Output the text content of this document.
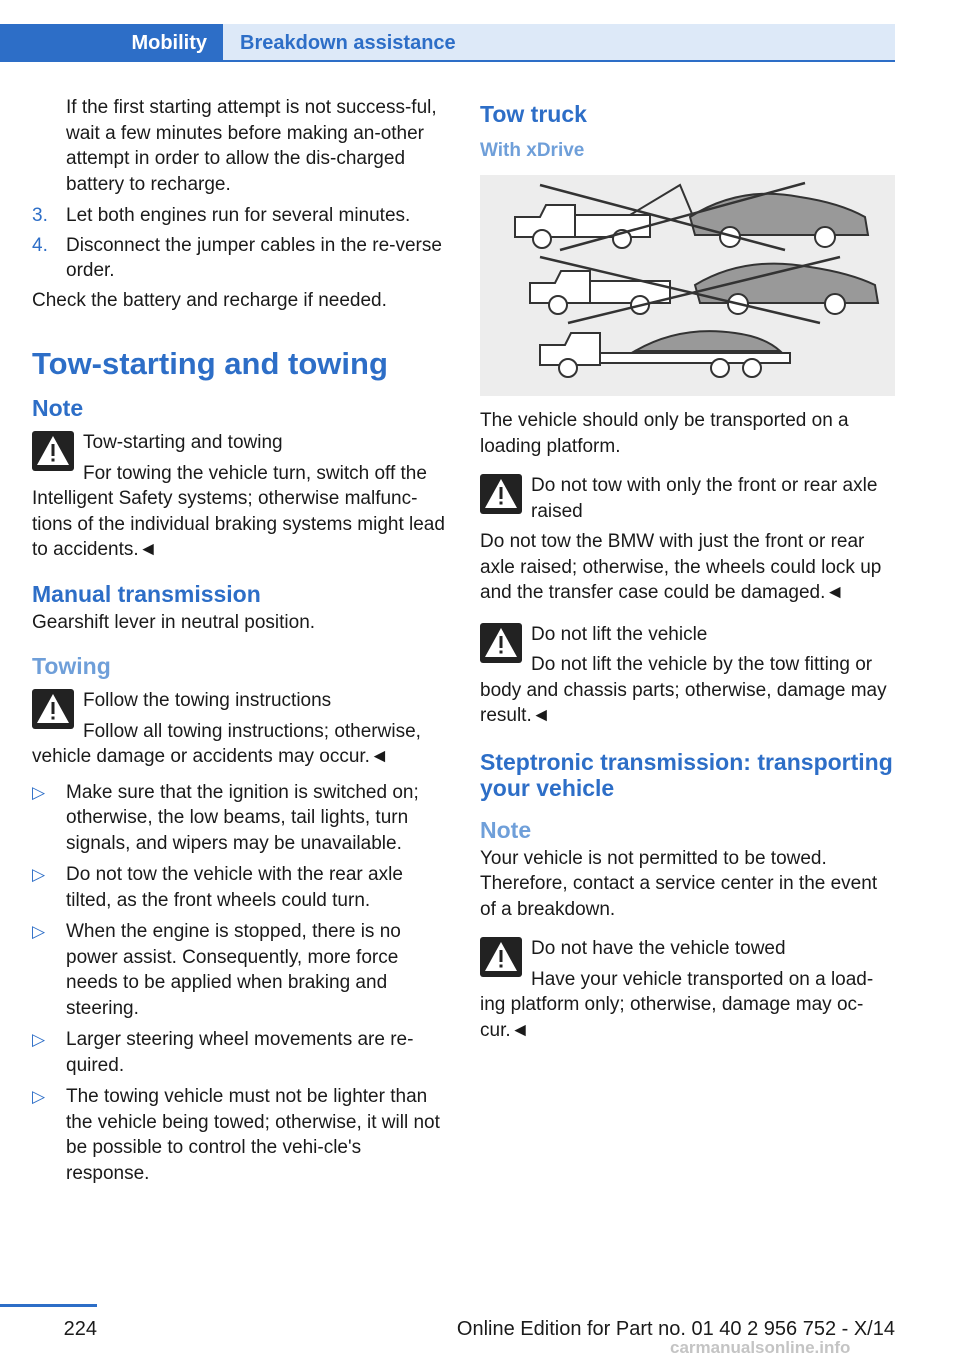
Mobility	Breakdown assistance

If the first starting attempt is not success-ful, wait a few minutes before making an-other attempt in order to allow the dis-charged battery to recharge.

3. Let both engines run for several minutes.
4. Disconnect the jumper cables in the re-verse order.

Check the battery and recharge if needed.

Tow-starting and towing
Note
Tow-starting and towing

For towing the vehicle turn, switch off the Intelligent Safety systems; otherwise malfunc-tions of the individual braking systems might lead to accidents.◄

Manual transmission

Gearshift lever in neutral position.

Towing
Follow the towing instructions

Follow all towing instructions; otherwise, vehicle damage or accidents may occur.◄

▷ Make sure that the ignition is switched on; otherwise, the low beams, tail lights, turn signals, and wipers may be unavailable.
▷ Do not tow the vehicle with the rear axle tilted, as the front wheels could turn.
▷ When the engine is stopped, there is no power assist. Consequently, more force needs to be applied when braking and steering.
▷ Larger steering wheel movements are re-quired.
▷ The towing vehicle must not be lighter than the vehicle being towed; otherwise, it will not be possible to control the vehi-cle's response.
Tow truck
With xDrive

The vehicle should only be transported on a loading platform.

Do not tow with only the front or rear axle raised

Do not tow the BMW with just the front or rear axle raised; otherwise, the wheels could lock up and the transfer case could be damaged.◄

Do not lift the vehicle

Do not lift the vehicle by the tow fitting or body and chassis parts; otherwise, damage may result.◄

Steptronic transmission: transporting your vehicle
Note

Your vehicle is not permitted to be towed. Therefore, contact a service center in the event of a breakdown.

Do not have the vehicle towed

Have your vehicle transported on a load-ing platform only; otherwise, damage may oc-cur.◄

224	Online Edition for Part no. 01 40 2 956 752 - X/14
carmanualsonline.info
